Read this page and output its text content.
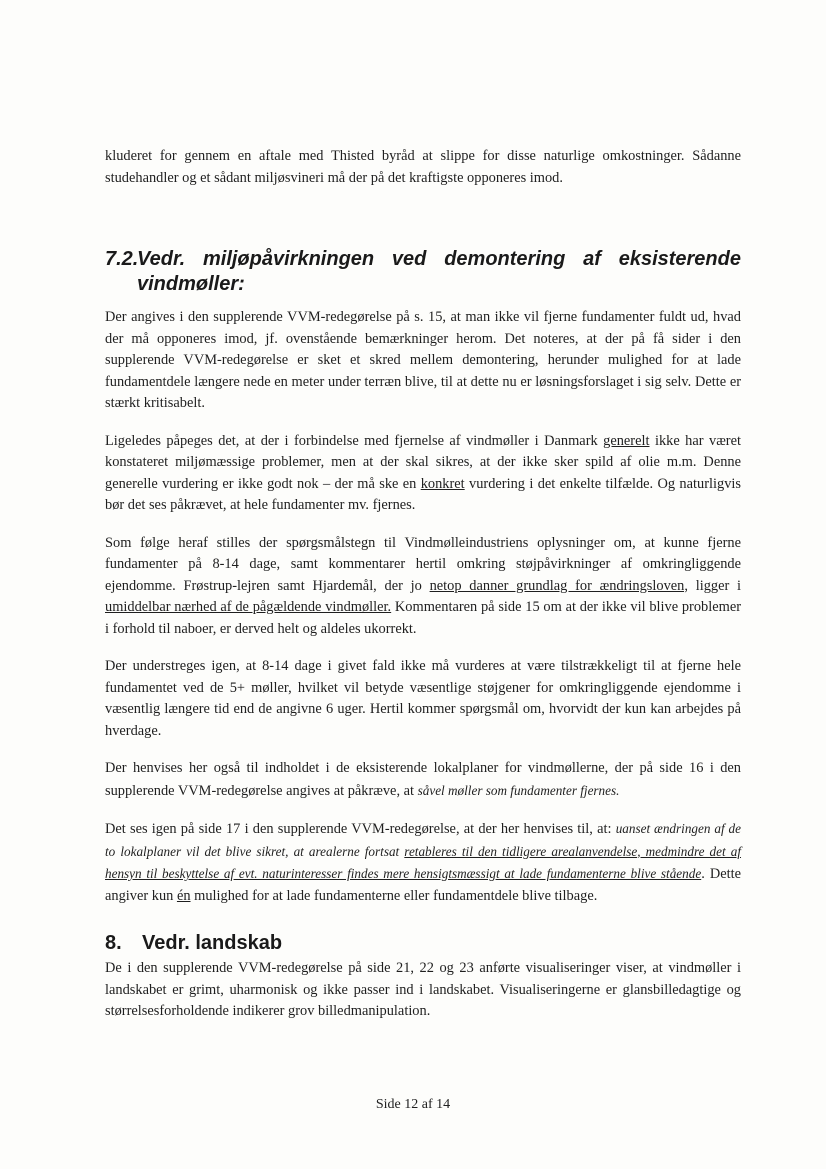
kluderet for gennem en aftale med Thisted byråd at slippe for disse naturlige omkostninger. Sådanne studehandler og et sådant miljøsvineri må der på det kraftigste opponeres imod.

7.2.Vedr. miljøpåvirkningen ved demontering af eksisterende vindmøller:

Der angives i den supplerende VVM-redegørelse på s. 15, at man ikke vil fjerne fundamenter fuldt ud, hvad der må opponeres imod, jf. ovenstående bemærkninger herom. Det noteres, at der på få sider i den supplerende VVM-redegørelse er sket et skred mellem demontering, herunder mulighed for at lade fundamentdele længere nede en meter under terræn blive, til at dette nu er løsningsforslaget i sig selv. Dette er stærkt kritisabelt.

Ligeledes påpeges det, at der i forbindelse med fjernelse af vindmøller i Danmark generelt ikke har været konstateret miljømæssige problemer, men at der skal sikres, at der ikke sker spild af olie m.m. Denne generelle vurdering er ikke godt nok – der må ske en konkret vurdering i det enkelte tilfælde. Og naturligvis bør det ses påkrævet, at hele fundamenter mv. fjernes.

Som følge heraf stilles der spørgsmålstegn til Vindmølleindustriens oplysninger om, at kunne fjerne fundamenter på 8-14 dage, samt kommentarer hertil omkring støjpåvirkninger af omkringliggende ejendomme. Frøstrup-lejren samt Hjardemål, der jo netop danner grundlag for ændringsloven, ligger i umiddelbar nærhed af de pågældende vindmøller. Kommentaren på side 15 om at der ikke vil blive problemer i forhold til naboer, er derved helt og aldeles ukorrekt.

Der understreges igen, at 8-14 dage i givet fald ikke må vurderes at være tilstrækkeligt til at fjerne hele fundamentet ved de 5+ møller, hvilket vil betyde væsentlige støjgener for omkringliggende ejendomme i væsentlig længere tid end de angivne 6 uger. Hertil kommer spørgsmål om, hvorvidt der kun kan arbejdes på hverdage.

Der henvises her også til indholdet i de eksisterende lokalplaner for vindmøllerne, der på side 16 i den supplerende VVM-redegørelse angives at påkræve, at såvel møller som fundamenter fjernes.

Det ses igen på side 17 i den supplerende VVM-redegørelse, at der her henvises til, at: uanset ændringen af de to lokalplaner vil det blive sikret, at arealerne fortsat retableres til den tidligere arealanvendelse, medmindre det af hensyn til beskyttelse af evt. naturinteresser findes mere hensigtsmæssigt at lade fundamenterne blive stående. Dette angiver kun én mulighed for at lade fundamenterne eller fundamentdele blive tilbage.

8. Vedr. landskab

De i den supplerende VVM-redegørelse på side 21, 22 og 23 anførte visualiseringer viser, at vindmøller i landskabet er grimt, uharmonisk og ikke passer ind i landskabet. Visualiseringerne er glansbilledagtige og størrelsesforholdende indikerer grov billedmanipulation.

Side 12 af 14
